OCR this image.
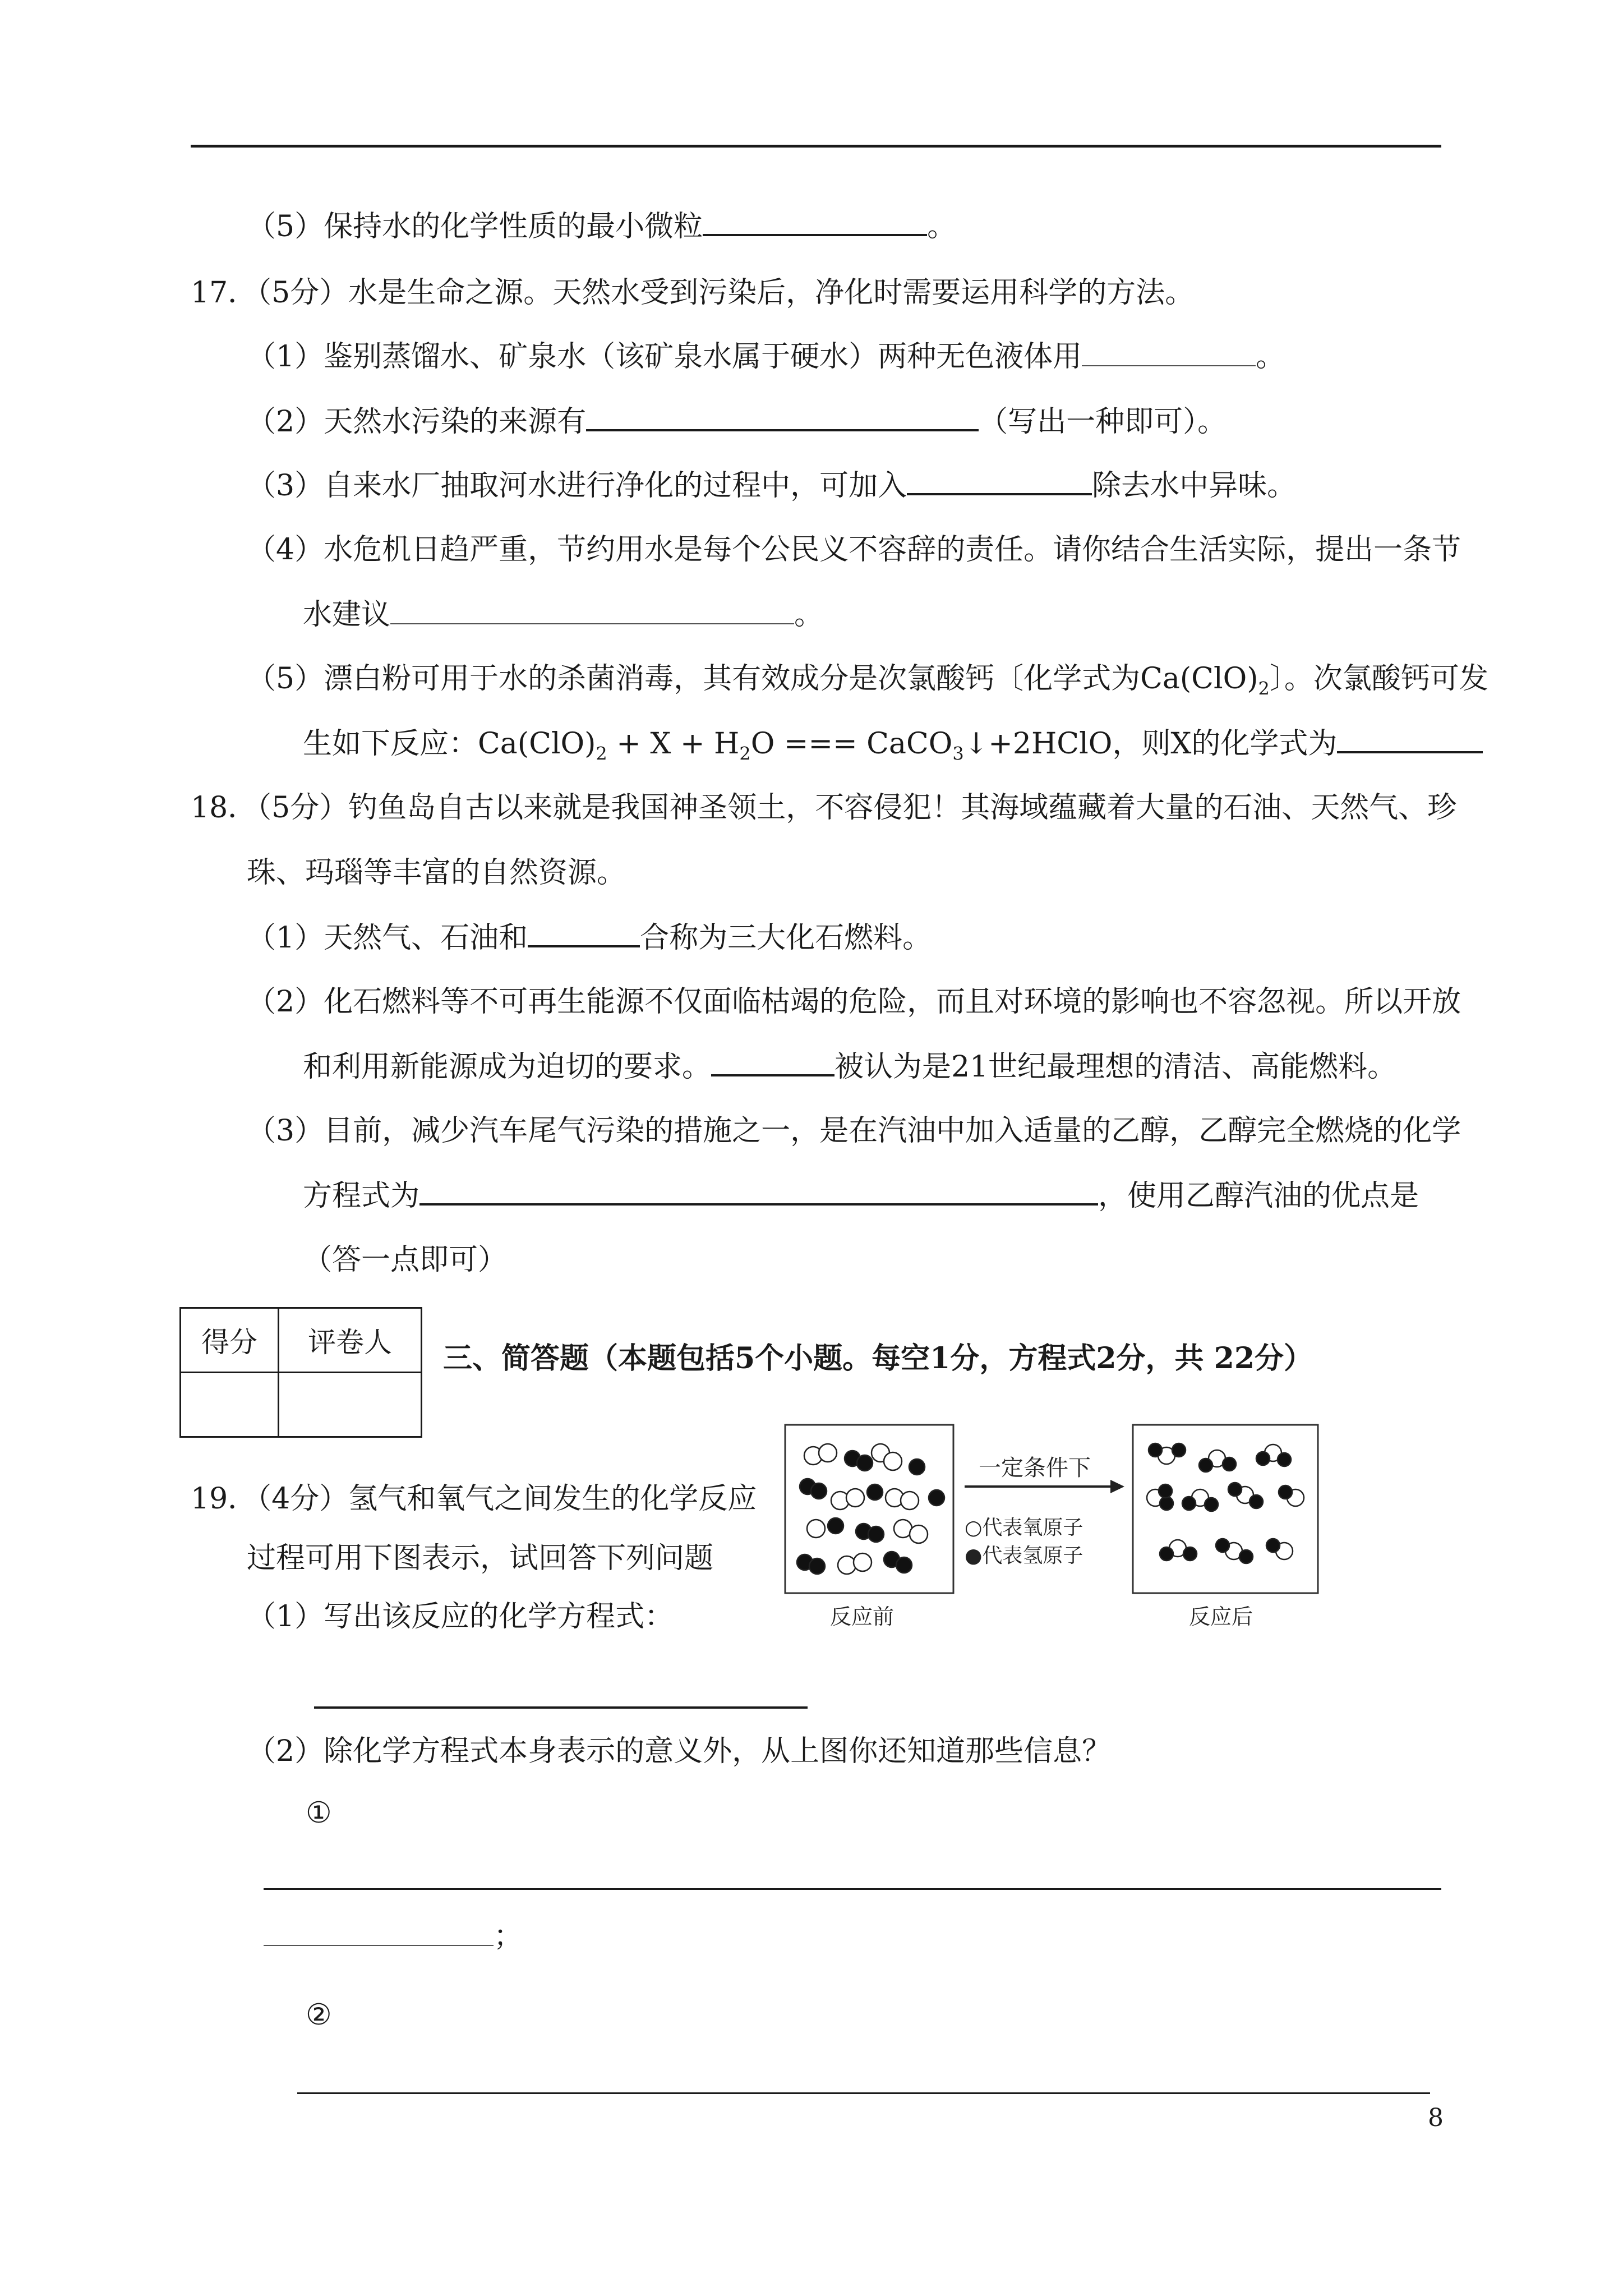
（5）保持水的化学性质的最小微粒	。
17．（5分）水是生命之源。天然水受到污染后，净化时需要运用科学的方法。
（1）鉴别蒸馏水、矿泉水（该矿泉水属于硬水）两种无色液体用	。
（2）天然水污染的来源有	（写出一种即可）。
（3）自来水厂抽取河水进行净化的过程中，可加入	除去水中异味。
（4）水危机日趋严重，节约用水是每个公民义不容辞的责任。请你结合生活实际，提出一条节
水建议	。
（5）漂白粉可用于水的杀菌消毒，其有效成分是次氯酸钙〔化学式为$Ca(ClO)_2$〕。次氯酸钙可发
生如下反应：$Ca(ClO)_2 + X + H_2O$ === CaCO$_3$↓+2HClO，则X的化学式为
18．（5分）钓鱼岛自古以来就是我国神圣领土，不容侵犯！其海域蕴藏着大量的石油、天然气、珍
珠、玛瑙等丰富的自然资源。
（1）天然气、石油和	合称为三大化石燃料。
（2）化石燃料等不可再生能源不仅面临枯竭的危险，而且对环境的影响也不容忽视。所以开放
和利用新能源成为迫切的要求。	被认为是21世纪最理想的清洁、高能燃料。
（3）目前，减少汽车尾气污染的措施之一，是在汽油中加入适量的乙醇，乙醇完全燃烧的化学
方程式为	，使用乙醇汽油的优点是
（答一点即可）
得分	评卷人
	三、简答题（本题包括5个小题。每空1分，方程式2分，共 22分）
19．（4分）氢气和氧气之间发生的化学反应
过程可用下图表示，试回答下列问题
（1）写出该反应的化学方程式：
（2）除化学方程式本身表示的意义外，从上图你还知道那些信息？
①
；
②
一定条件下
○代表氧原子
●代表氢原子
反应前	反应后
8
